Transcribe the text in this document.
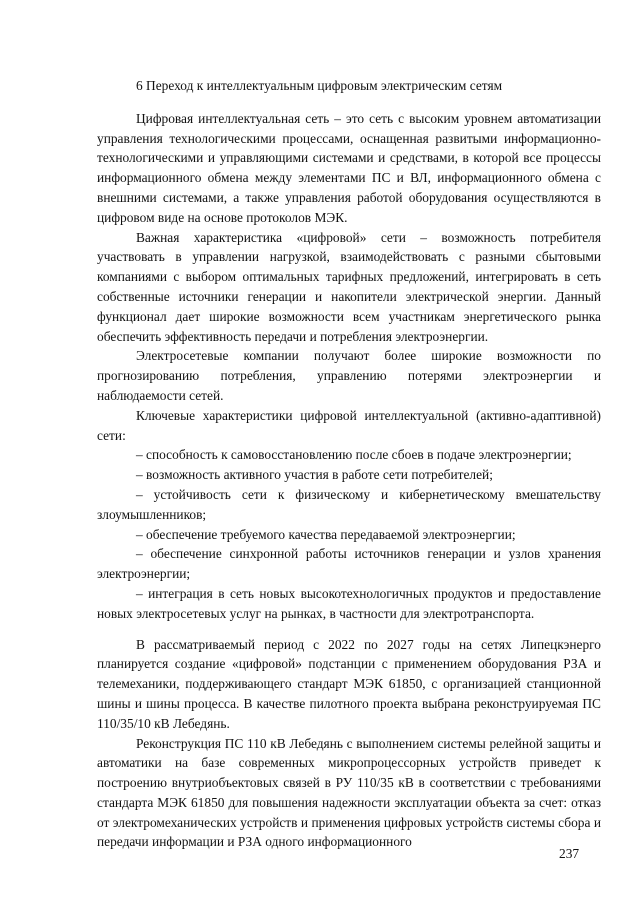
6 Переход к интеллектуальным цифровым электрическим сетям

Цифровая интеллектуальная сеть – это сеть с высоким уровнем автоматизации управления технологическими процессами, оснащенная развитыми информационно-технологическими и управляющими системами и средствами, в которой все процессы информационного обмена между элементами ПС и ВЛ, информационного обмена с внешними системами, а также управления работой оборудования осуществляются в цифровом виде на основе протоколов МЭК.

Важная характеристика «цифровой» сети – возможность потребителя участвовать в управлении нагрузкой, взаимодействовать с разными сбытовыми компаниями с выбором оптимальных тарифных предложений, интегрировать в сеть собственные источники генерации и накопители электрической энергии. Данный функционал дает широкие возможности всем участникам энергетического рынка обеспечить эффективность передачи и потребления электроэнергии.

Электросетевые компании получают более широкие возможности по прогнозированию потребления, управлению потерями электроэнергии и наблюдаемости сетей.

Ключевые характеристики цифровой интеллектуальной (активно-адаптивной) сети:

– способность к самовосстановлению после сбоев в подаче электроэнергии;
– возможность активного участия в работе сети потребителей;
– устойчивость сети к физическому и кибернетическому вмешательству злоумышленников;
– обеспечение требуемого качества передаваемой электроэнергии;
– обеспечение синхронной работы источников генерации и узлов хранения электроэнергии;
– интеграция в сеть новых высокотехнологичных продуктов и предоставление новых электросетевых услуг на рынках, в частности для электротранспорта.

В рассматриваемый период с 2022 по 2027 годы на сетях Липецкэнерго планируется создание «цифровой» подстанции с применением оборудования РЗА и телемеханики, поддерживающего стандарт МЭК 61850, с организацией станционной шины и шины процесса. В качестве пилотного проекта выбрана реконструируемая ПС 110/35/10 кВ Лебедянь.

Реконструкция ПС 110 кВ Лебедянь с выполнением системы релейной защиты и автоматики на базе современных микропроцессорных устройств приведет к построению внутриобъектовых связей в РУ 110/35 кВ в соответствии с требованиями стандарта МЭК 61850 для повышения надежности эксплуатации объекта за счет: отказ от электромеханических устройств и применения цифровых устройств системы сбора и передачи информации и РЗА одного информационного

237
